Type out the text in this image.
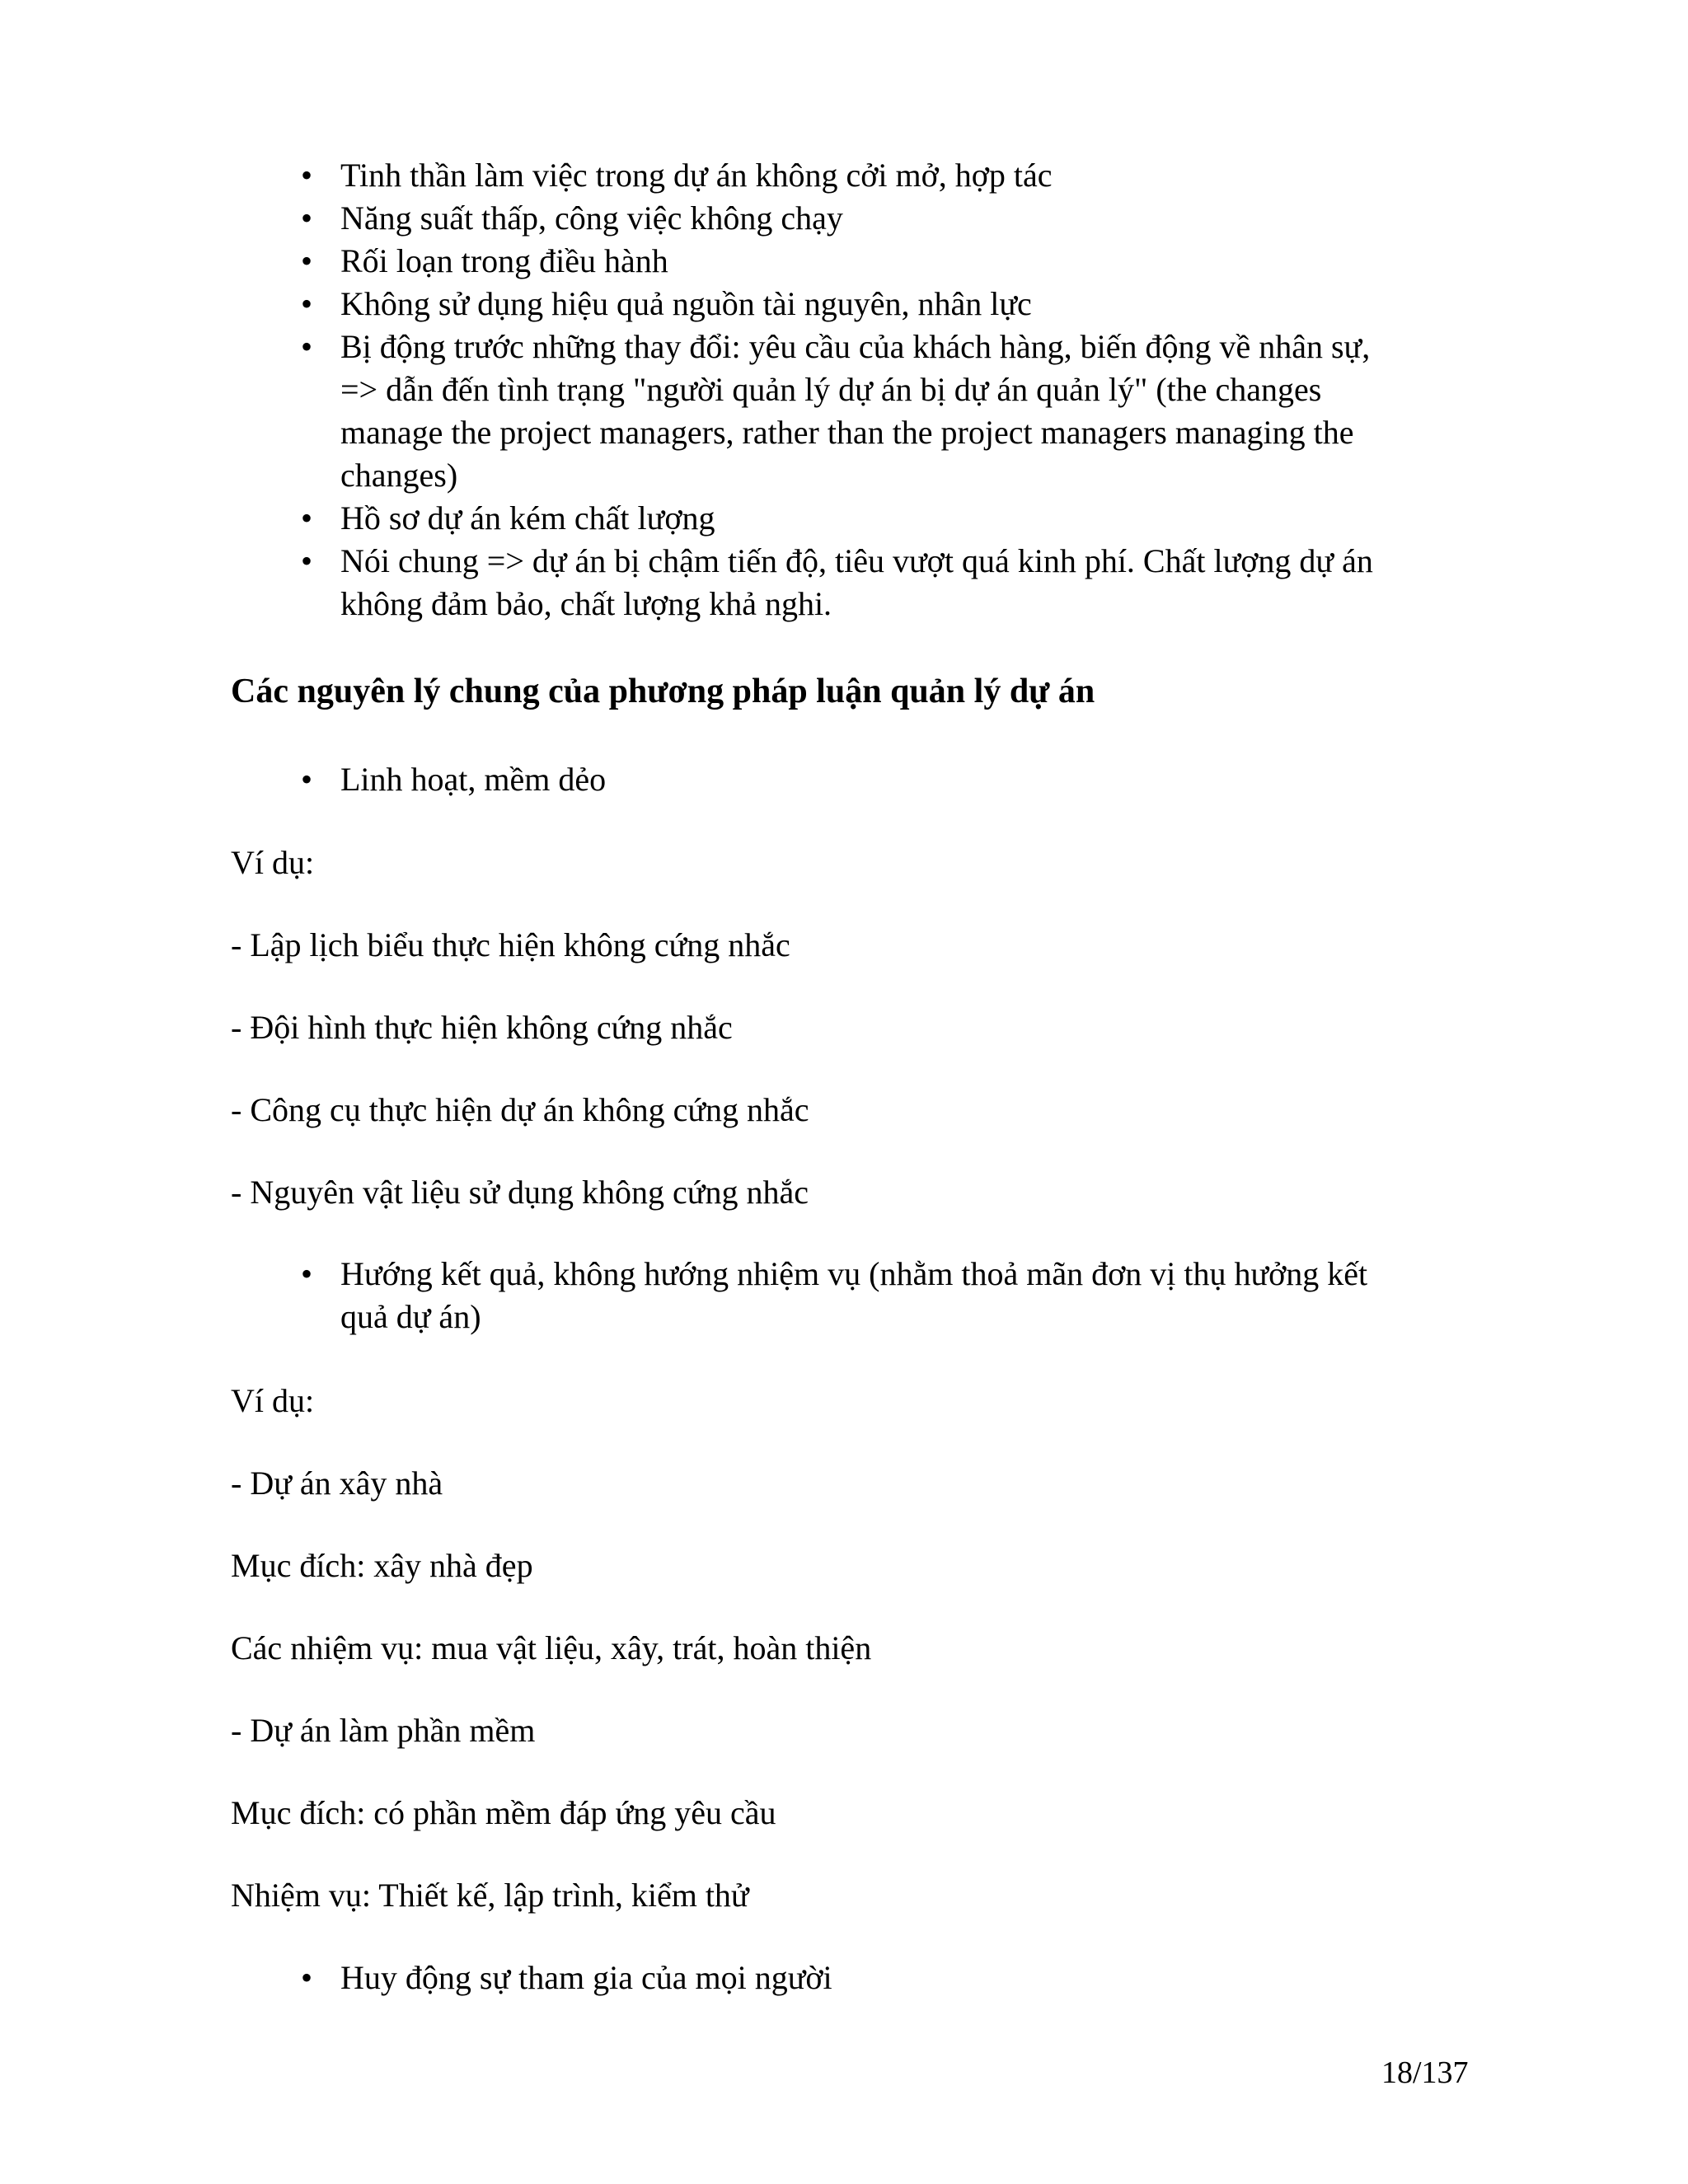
• Tinh thần làm việc trong dự án không cởi mở, hợp tác

• Năng suất thấp, công việc không chạy

• Rối loạn trong điều hành

• Không sử dụng hiệu quả nguồn tài nguyên, nhân lực

• Bị động trước những thay đổi: yêu cầu của khách hàng, biến động về nhân sự,

=> dẫn đến tình trạng "người quản lý dự án bị dự án quản lý" (the changes

manage the project managers, rather than the project managers managing the

changes)

• Hồ sơ dự án kém chất lượng

• Nói chung => dự án bị chậm tiến độ, tiêu vượt quá kinh phí. Chất lượng dự án

không đảm bảo, chất lượng khả nghi.

Các nguyên lý chung của phương pháp luận quản lý dự án
• Linh hoạt, mềm dẻo

Ví dụ:

- Lập lịch biểu thực hiện không cứng nhắc

- Đội hình thực hiện không cứng nhắc

- Công cụ thực hiện dự án không cứng nhắc

- Nguyên vật liệu sử dụng không cứng nhắc

• Hướng kết quả, không hướng nhiệm vụ (nhằm thoả mãn đơn vị thụ hưởng kết

quả dự án)

Ví dụ:

- Dự án xây nhà

Mục đích: xây nhà đẹp

Các nhiệm vụ: mua vật liệu, xây, trát, hoàn thiện

- Dự án làm phần mềm

Mục đích: có phần mềm đáp ứng yêu cầu

Nhiệm vụ: Thiết kế, lập trình, kiểm thử

• Huy động sự tham gia của mọi người

18/137
